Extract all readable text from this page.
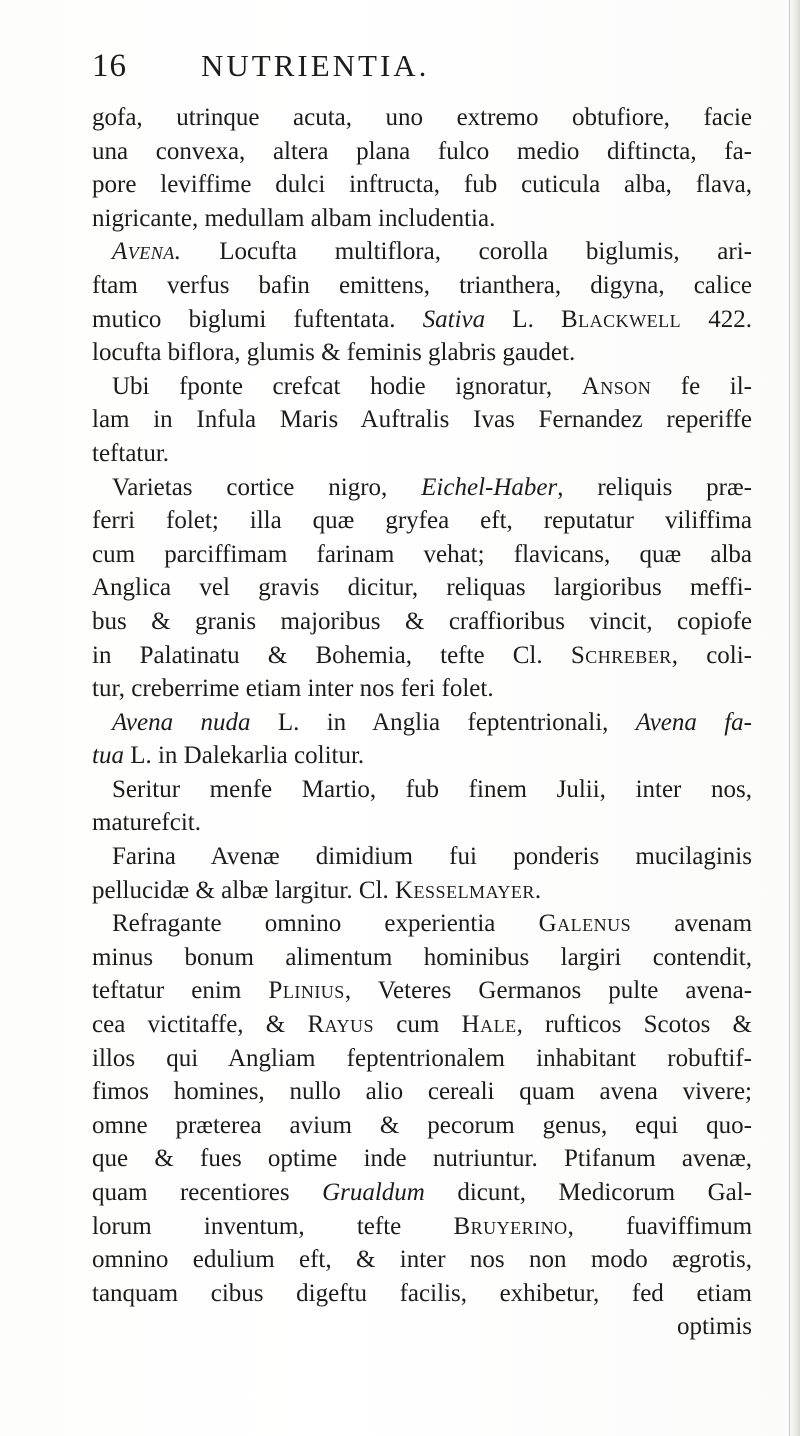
16 NUTRIENTIA.
gofa, utrinque acuta, uno extremo obtufiore, facie
una convexa, altera plana fulco medio diftincta, fa-
pore leviffime dulci inftructa, fub cuticula alba, flava,
nigricante, medullam albam includentia.
Avena. Locufta multiflora, corolla biglumis, ari-
ftam verfus bafin emittens, trianthera, digyna, calice
mutico biglumi fuftentata. Sativa L. Blackwell 422.
locufta biflora, glumis & feminis glabris gaudet.
Ubi fponte crefcat hodie ignoratur, Anson fe il-
lam in Infula Maris Auftralis Ivas Fernandez reperiffe
teftatur.
Varietas cortice nigro, Eichel-Haber, reliquis præ-
ferri folet; illa quæ gryfea eft, reputatur viliffima
cum parciffimam farinam vehat; flavicans, quæ alba
Anglica vel gravis dicitur, reliquas largioribus meffi-
bus & granis majoribus & craffioribus vincit, copiofe
in Palatinatu & Bohemia, tefte Cl. Schreber, coli-
tur, creberrime etiam inter nos feri folet.
Avena nuda L. in Anglia feptentrionali, Avena fa-
tua L. in Dalekarlia colitur.
Seritur menfe Martio, fub finem Julii, inter nos,
maturefcit.
Farina Avenæ dimidium fui ponderis mucilaginis
pellucidæ & albæ largitur. Cl. Kesselmayer.
Refragante omnino experientia Galenus avenam
minus bonum alimentum hominibus largiri contendit,
teftatur enim Plinius, Veteres Germanos pulte avena-
cea victitaffe, & Rayus cum Hale, rufticos Scotos &
illos qui Angliam feptentrionalem inhabitant robuftif-
fimos homines, nullo alio cereali quam avena vivere;
omne præterea avium & pecorum genus, equi quo-
que & fues optime inde nutriuntur. Ptifanum avenæ,
quam recentiores Grualdum dicunt, Medicorum Gal-
lorum inventum, tefte Bruyerino, fuaviffimum
omnino edulium eft, & inter nos non modo ægrotis,
tanquam cibus digeftu facilis, exhibetur, fed etiam
optimis
